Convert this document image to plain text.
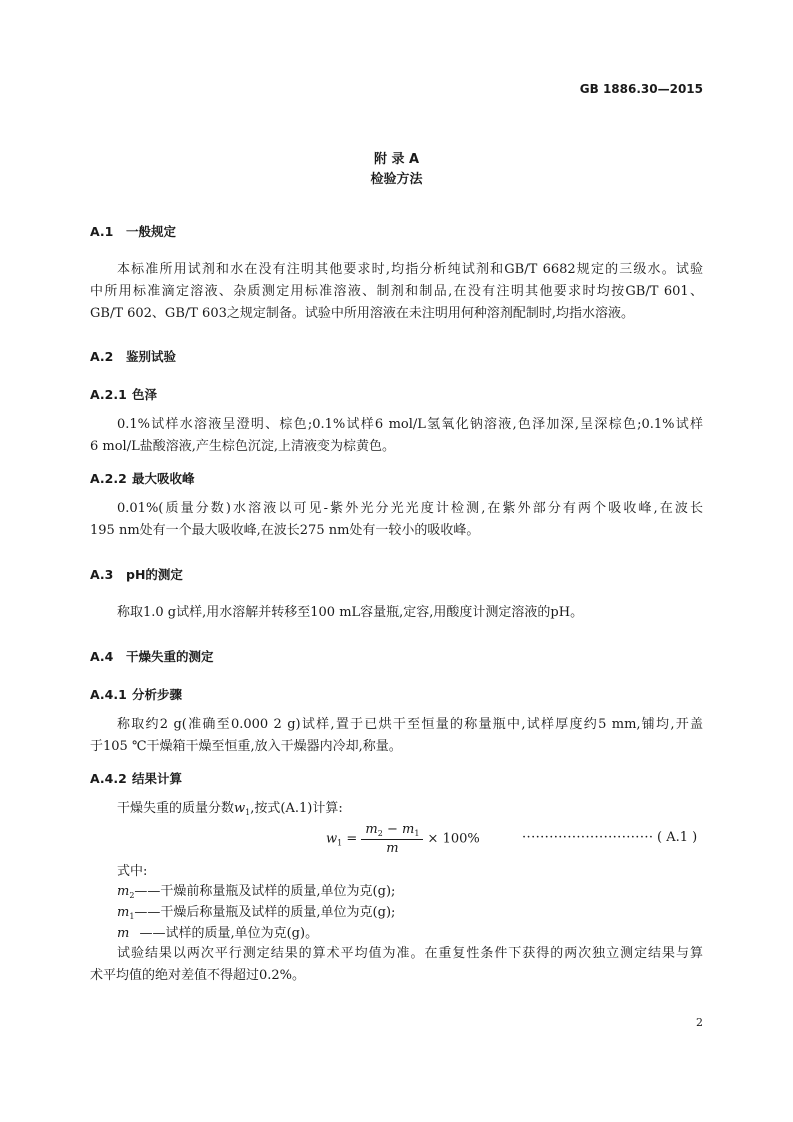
GB 1886.30—2015
附 录 A
检验方法
A.1 一般规定
本标准所用试剂和水在没有注明其他要求时,均指分析纯试剂和GB/T 6682规定的三级水。试验
中所用标准滴定溶液、杂质测定用标准溶液、制剂和制品,在没有注明其他要求时均按GB/T 601、
GB/T 602、GB/T 603之规定制备。试验中所用溶液在未注明用何种溶剂配制时,均指水溶液。
A.2 鉴别试验
A.2.1 色泽
0.1%试样水溶液呈澄明、棕色;0.1%试样6 mol/L氢氧化钠溶液,色泽加深,呈深棕色;0.1%试样
6 mol/L盐酸溶液,产生棕色沉淀,上清液变为棕黄色。
A.2.2 最大吸收峰
0.01%(质量分数)水溶液以可见-紫外光分光光度计检测,在紫外部分有两个吸收峰,在波长
195 nm处有一个最大吸收峰,在波长275 nm处有一较小的吸收峰。
A.3 pH的测定
称取1.0 g试样,用水溶解并转移至100 mL容量瓶,定容,用酸度计测定溶液的pH。
A.4 干燥失重的测定
A.4.1 分析步骤
称取约2 g(准确至0.000 2 g)试样,置于已烘干至恒量的称量瓶中,试样厚度约5 mm,铺均,开盖
于105 ℃干燥箱干燥至恒重,放入干燥器内冷却,称量。
A.4.2 结果计算
干燥失重的质量分数$w_1$,按式(A.1)计算:
$w_1 = \frac{m_2 - m_1}{m} \times 100\%$	····························· ( A.1 )
式中:
$m_2——$干燥前称量瓶及试样的质量,单位为克(g);
$m_1——$干燥后称量瓶及试样的质量,单位为克(g);
m ——试样的质量,单位为克(g)。
试验结果以两次平行测定结果的算术平均值为准。在重复性条件下获得的两次独立测定结果与算
术平均值的绝对差值不得超过0.2%。
2
